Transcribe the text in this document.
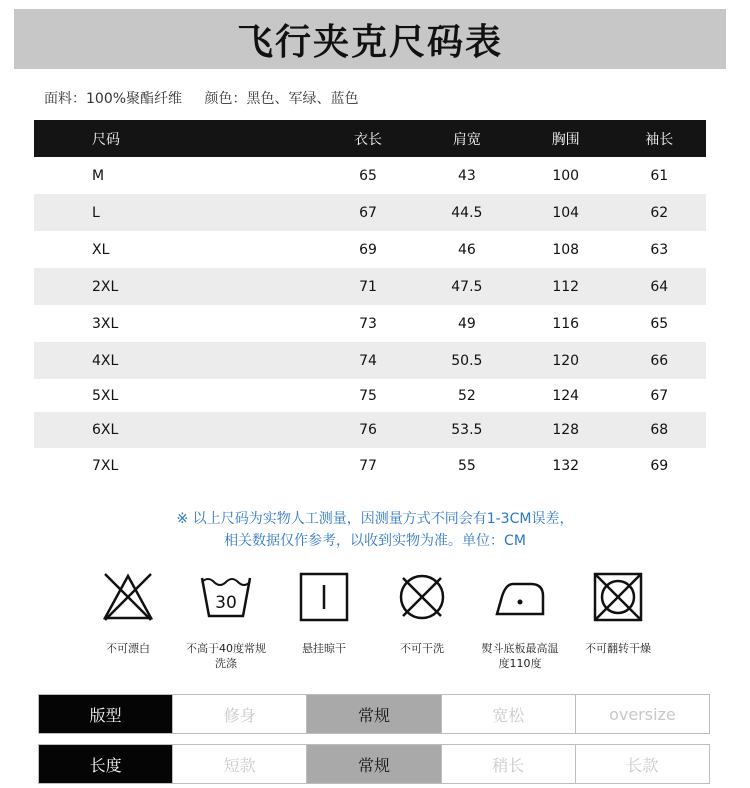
飞行夹克尺码表
面料：100%聚酯纤维 颜色：黑色、军绿、蓝色
尺码	衣长	肩宽	胸围	袖长
M	65	43	100	61
L	67	44.5	104	62
XL	69	46	108	63
2XL	71	47.5	112	64
3XL	73	49	116	65
4XL	74	50.5	120	66
5XL	75	52	124	67
6XL	76	53.5	128	68
7XL	77	55	132	69
※ 以上尺码为实物人工测量，因测量方式不同会有1-3CM误差，
相关数据仅作参考，以收到实物为准。单位：CM
不可漂白
30
不高于40度常规洗涤
悬挂晾干	不可干洗	熨斗底板最高温度110度
不可翻转干燥
版型	修身	常规	宽松	oversize
长度	短款	常规	稍长	长款
